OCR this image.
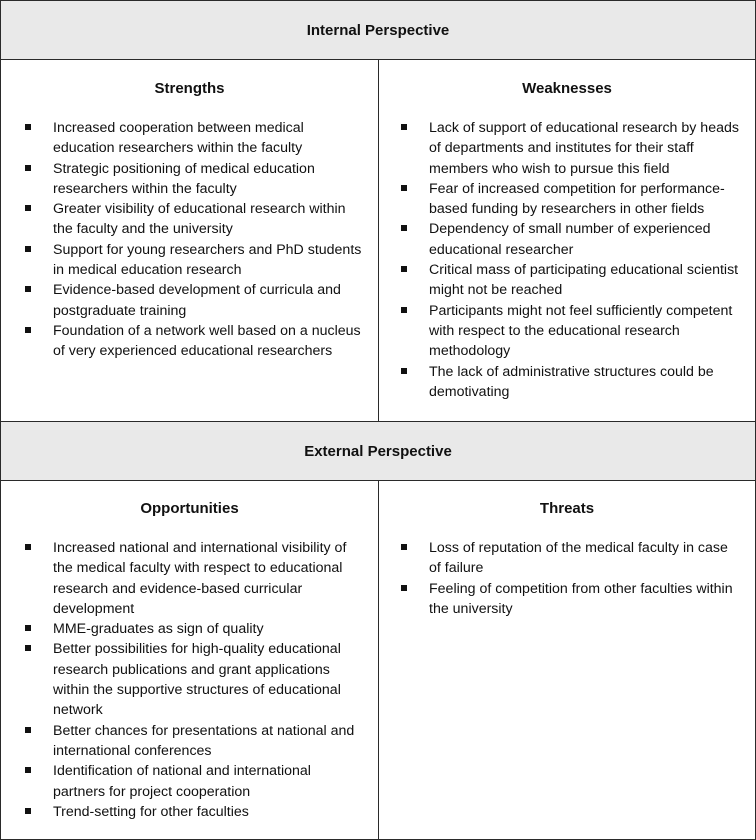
Internal Perspective
Strengths
Increased cooperation between medical education researchers within the faculty
Strategic positioning of medical education researchers within the faculty
Greater visibility of educational research within the faculty and the university
Support for young researchers and PhD students in medical education research
Evidence-based development of curricula and postgraduate training
Foundation of a network well based on a nucleus of very experienced educational researchers
Weaknesses
Lack of support of educational research by heads of departments and institutes for their staff members who wish to pursue this field
Fear of increased competition for performance-based funding by researchers in other fields
Dependency of small number of experienced educational researcher
Critical mass of participating educational scientist might not be reached
Participants might not feel sufficiently competent with respect to the educational research methodology
The lack of administrative structures could be demotivating
External Perspective
Opportunities
Increased national and international visibility of the medical faculty with respect to educational research and evidence-based curricular development
MME-graduates as sign of quality
Better possibilities for high-quality educational research publications and grant applications within the supportive structures of educational network
Better chances for presentations at national and international conferences
Identification of national and international partners for project cooperation
Trend-setting for other faculties
Threats
Loss of reputation of the medical faculty in case of failure
Feeling of competition from other faculties within the university
